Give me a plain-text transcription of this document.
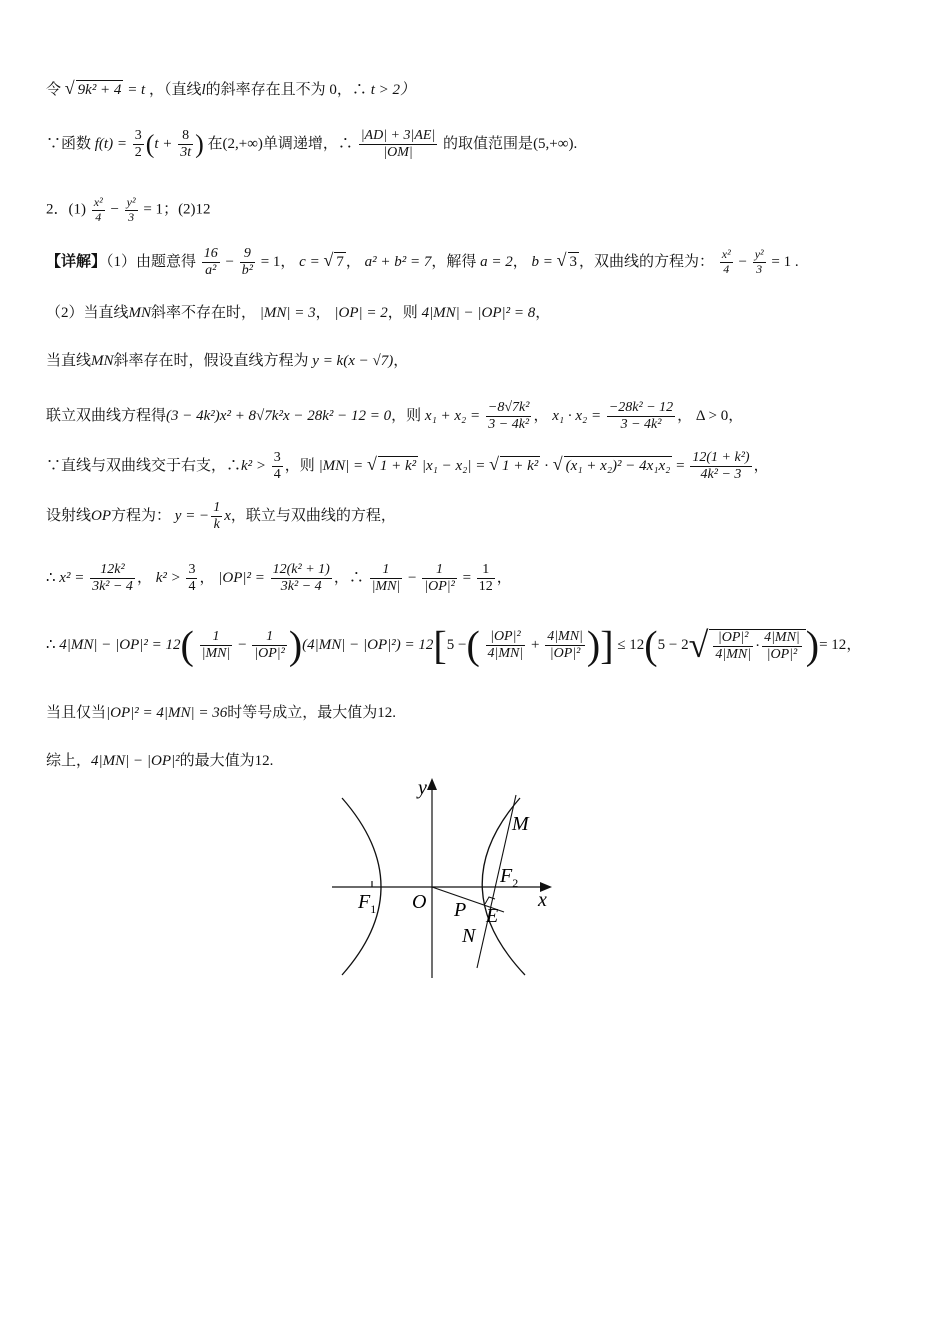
令 √ 9k² + 4 = t ，（直线l的斜率存在且不为 0，∴ t > 2）
∵函数 $f(t) = \frac{3}{2} (t + \frac{8}{3t}$ ) 在(2,+∞)单调递增，∴ $\frac{|AD| + 3|AE|}{|OM|}$ 的取值范围是(5,+∞).
2．$(1) \frac{\text{x²}}{4} - \frac{\text{y²}}{3} = 1$；(2)12
【详解】（1）由题意得 $\frac{16}{\text{a²}} - \frac{9}{\text{b²}} = 1$， c = √ 7 ， a² + b² = 7，解得 a = 2， b = √ 3 ，双曲线的方程为： $\frac{\text{x²}}{4} - \frac{\text{y²}}{3} = 1$ .
（2）当直线MN斜率不存在时， |MN| = 3， |OP| = 2，则 4|MN| − |OP|² = 8，
当直线MN斜率存在时，假设直线方程为 y = k(x − √7)，
联立双曲线方程得(3 − 4k²)x² + 8√7k²x − 28k² − 12 = 0，则 $x_1 + x_2 = \frac{\text{−8√7k²}}{\text{3 − 4k²}}$ ， $x_1 \cdot x_2 = \frac{\text{−28k² − 12}}{\text{3 − 4k²}}$ ， Δ > 0，
∵直线与双曲线交于右支，∴k² > $\frac{3}{4}$ ，则 |MN| = √ 1 + k² |x₁ − x₂| = √ 1 + k² · √ $(x_1 + x_2)^2 - 4x_1x_2 = \frac{\text{12(1 + k²)}}{\text{4k² − 3}}$ ，
设射线OP方程为： y = − $\frac{1}{k}$ x，联立与双曲线的方程，
∴ $x^2 = \frac{\text{12k²}}{\text{3k² − 4}}$ ， $k^2 > \frac{3}{4}$ ， $|OP|^2 = \frac{\text{12(k² + 1)}}{\text{3k² − 4}}$ ，∴ $\frac{1}{|MN|} - \frac{1}{\text{|OP|²}} = \frac{1}{12}$ ，
∴ $4|MN| - |OP|^2 = 12( \frac{1}{|MN|} - \frac{1}{\text{|OP|²}} )(4|MN| - |OP|^2) = 12[5$ −( $\frac{\text{|OP|²}}{4|MN|} + \frac{4|MN|}{\text{|OP|²}}$ )] ≤ $12(5 - 2√ \frac{\text{|OP|²}}{4|MN|} \cdot \frac{4|MN|}{\text{|OP|²}}$ )= 12，
当且仅当|OP|² = 4|MN| = 36时等号成立，最大值为12.
综上，4|MN| − |OP|²的最大值为12.
y
x
O
$F_1$
$F_2$
M
P E
N
